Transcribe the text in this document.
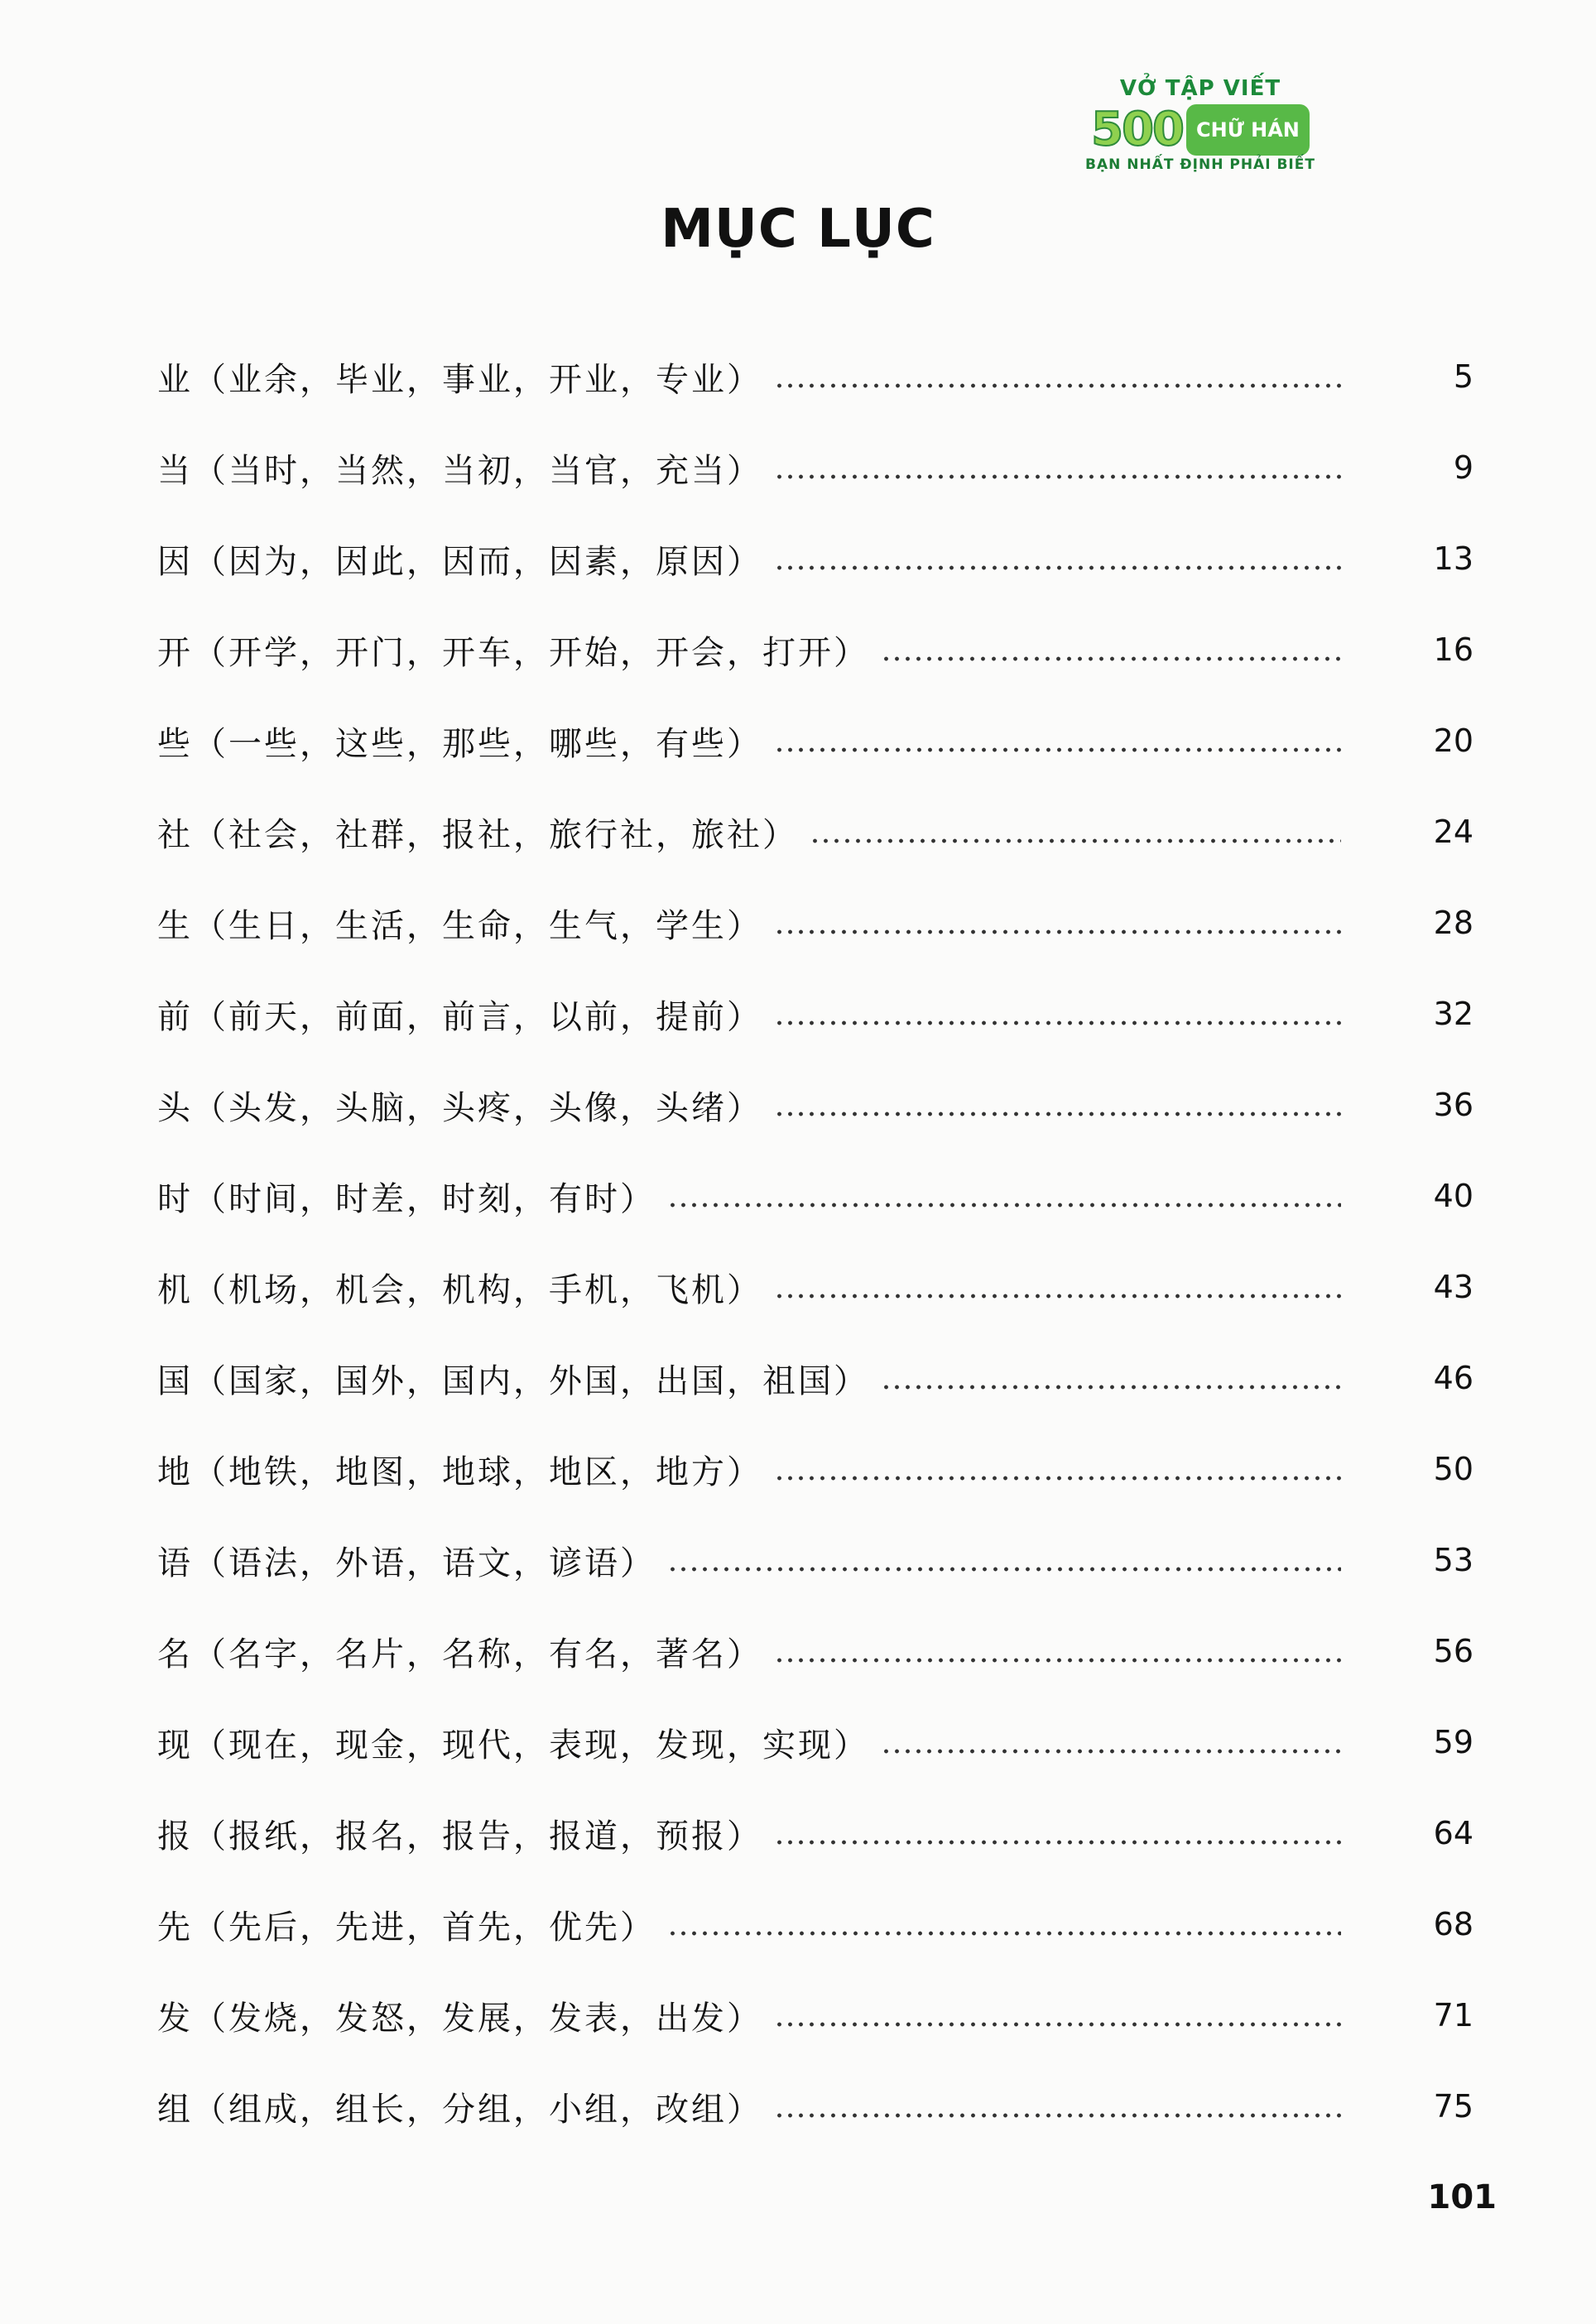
VỞ TẬP VIẾT
500 CHỮ HÁN
BẠN NHẤT ĐỊNH PHẢI BIẾT
MỤC LỤC
业（业余，毕业，事业，开业，专业）	5
当（当时，当然，当初，当官，充当）	9
因（因为，因此，因而，因素，原因）	13
开（开学，开门，开车，开始，开会，打开）	16
些（一些，这些，那些，哪些，有些）	20
社（社会，社群，报社，旅行社，旅社）	24
生（生日，生活，生命，生气，学生）	28
前（前天，前面，前言，以前，提前）	32
头（头发，头脑，头疼，头像，头绪）	36
时（时间，时差，时刻，有时）	40
机（机场，机会，机构，手机，飞机）	43
国（国家，国外，国内，外国，出国，祖国）	46
地（地铁，地图，地球，地区，地方）	50
语（语法，外语，语文，谚语）	53
名（名字，名片，名称，有名，著名）	56
现（现在，现金，现代，表现，发现，实现）	59
报（报纸，报名，报告，报道，预报）	64
先（先后，先进，首先，优先）	68
发（发烧，发怒，发展，发表，出发）	71
组（组成，组长，分组，小组，改组）	75
101
